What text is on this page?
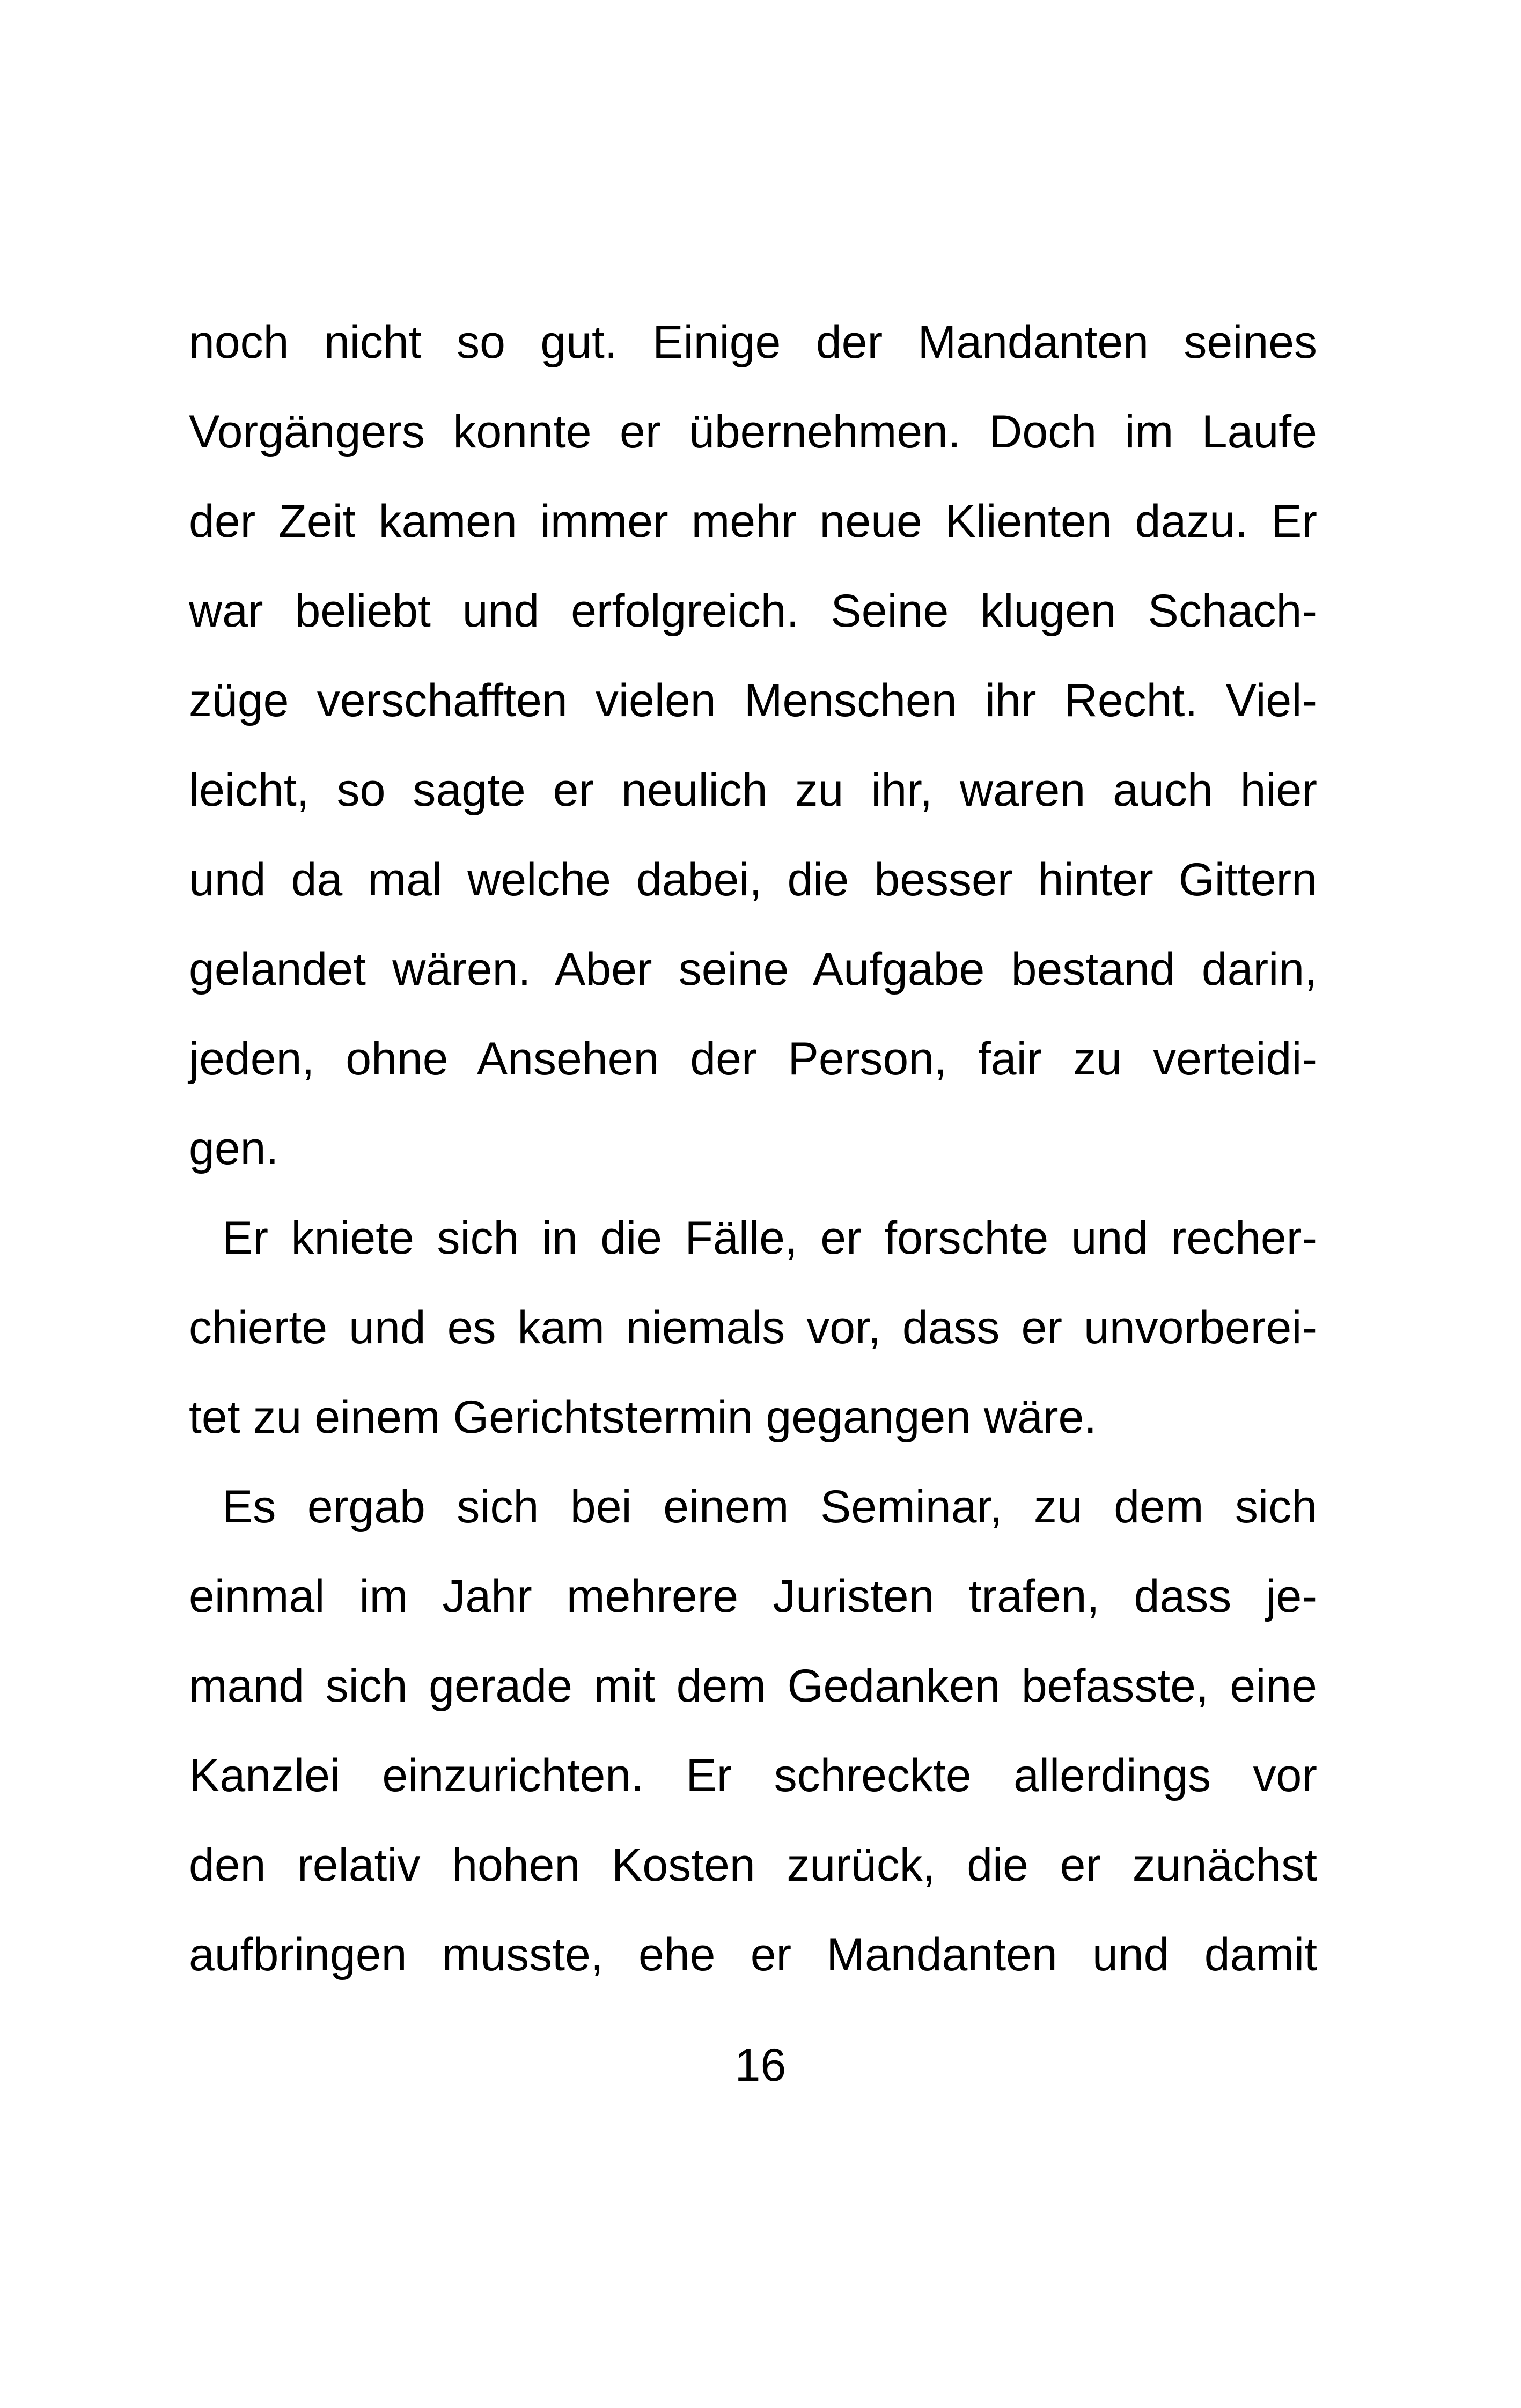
noch nicht so gut. Einige der Mandanten seines
Vorgängers konnte er übernehmen. Doch im Laufe
der Zeit kamen immer mehr neue Klienten dazu. Er
war beliebt und erfolgreich. Seine klugen Schach-
züge verschafften vielen Menschen ihr Recht. Viel-
leicht, so sagte er neulich zu ihr, waren auch hier
und da mal welche dabei, die besser hinter Gittern
gelandet wären. Aber seine Aufgabe bestand darin,
jeden, ohne Ansehen der Person, fair zu verteidi-
gen.
Er kniete sich in die Fälle, er forschte und recher-
chierte und es kam niemals vor, dass er unvorberei-
tet zu einem Gerichtstermin gegangen wäre.
Es ergab sich bei einem Seminar, zu dem sich
einmal im Jahr mehrere Juristen trafen, dass je-
mand sich gerade mit dem Gedanken befasste, eine
Kanzlei einzurichten. Er schreckte allerdings vor
den relativ hohen Kosten zurück, die er zunächst
aufbringen musste, ehe er Mandanten und damit
16
